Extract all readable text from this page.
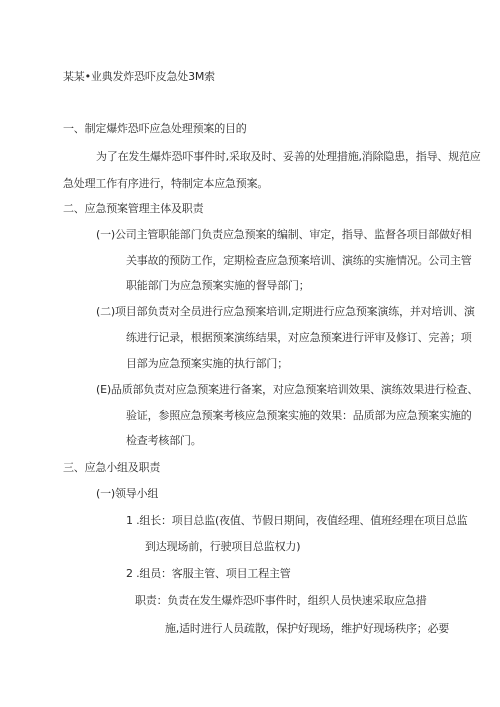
某某•业典发炸恐吓皮急处3M索
一、制定爆炸恐吓应急处理预案的目的
为了在发生爆炸恐吓事件时,采取及时、妥善的处理措施,消除隐患，指导、规范应
急处理工作有序进行，特制定本应急预案。
二、应急预案管理主体及职责
(一)公司主管职能部门负责应急预案的编制、审定，指导、监督各项目部做好相
关事故的预防工作，定期检查应急预案培训、演练的实施情况。公司主管
职能部门为应急预案实施的督导部门；
(二)项目部负责对全员进行应急预案培训,定期进行应急预案演练，并对培训、演
练进行记录，根据预案演练结果，对应急预案进行评审及修订、完善；项
目部为应急预案实施的执行部门；
(E)品质部负责对应急预案进行备案，对应急预案培训效果、演练效果进行检查、
验证，参照应急预案考核应急预案实施的效果：品质部为应急预案实施的
检查考核部门。
三、应急小组及职责
(一)领导小组
1 .组长：项目总监(夜值、节假日期间，夜值经理、值班经理在项目总监
到达现场前，行驶项目总监权力)
2 .组员：客服主管、项目工程主管
职责：负责在发生爆炸恐吓事件时，组织人员快速采取应急措
施,适时进行人员疏散，保护好现场，维护好现场秩序；必要
